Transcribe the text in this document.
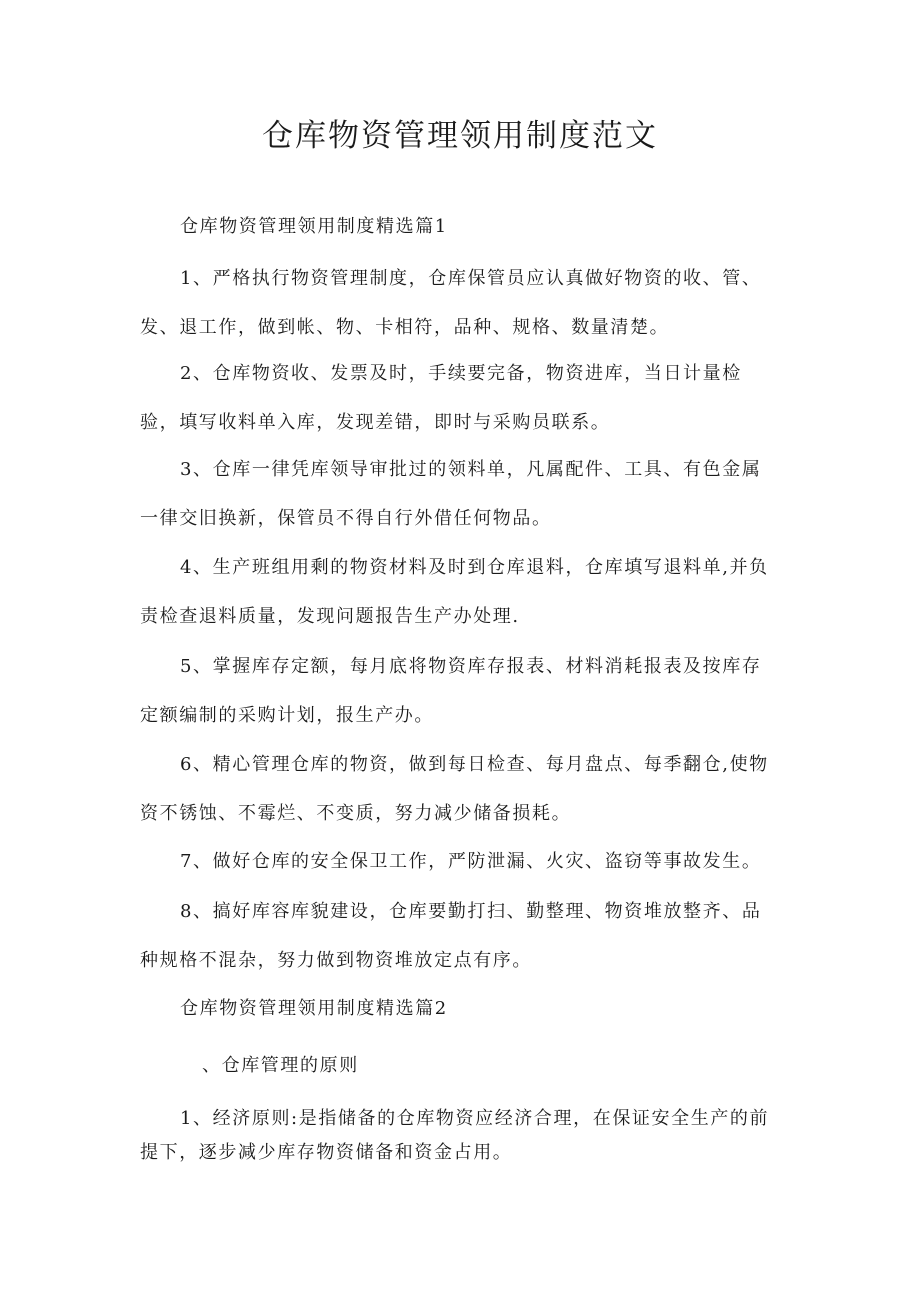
仓库物资管理领用制度范文

仓库物资管理领用制度精选篇1

1、严格执行物资管理制度，仓库保管员应认真做好物资的收、管、
发、退工作，做到帐、物、卡相符，品种、规格、数量清楚。

2、仓库物资收、发票及时，手续要完备，物资进库，当日计量检
验，填写收料单入库，发现差错，即时与采购员联系。

3、仓库一律凭库领导审批过的领料单，凡属配件、工具、有色金属
一律交旧换新，保管员不得自行外借任何物品。

4、生产班组用剩的物资材料及时到仓库退料，仓库填写退料单,并负
责检查退料质量，发现问题报告生产办处理.

5、掌握库存定额，每月底将物资库存报表、材料消耗报表及按库存
定额编制的采购计划，报生产办。

6、精心管理仓库的物资，做到每日检查、每月盘点、每季翻仓,使物
资不锈蚀、不霉烂、不变质，努力减少储备损耗。

7、做好仓库的安全保卫工作，严防泄漏、火灾、盗窃等事故发生。

8、搞好库容库貌建设，仓库要勤打扫、勤整理、物资堆放整齐、品
种规格不混杂，努力做到物资堆放定点有序。

仓库物资管理领用制度精选篇2

、仓库管理的原则

1、经济原则:是指储备的仓库物资应经济合理，在保证安全生产的前
提下，逐步减少库存物资储备和资金占用。
